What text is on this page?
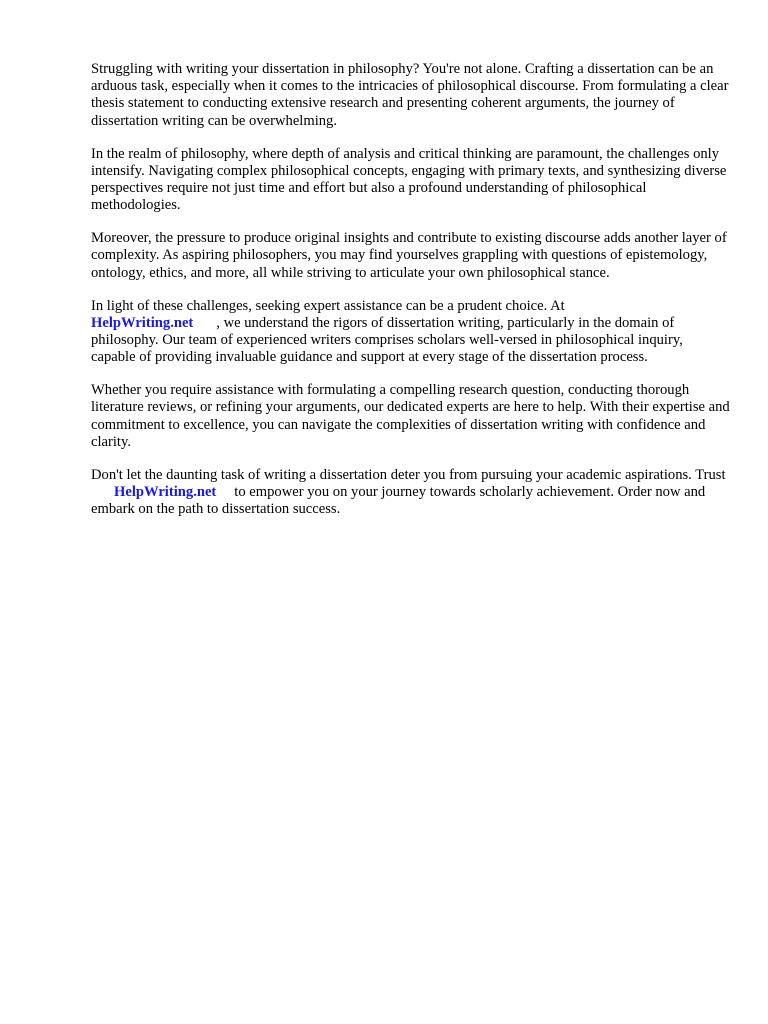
Struggling with writing your dissertation in philosophy? You're not alone. Crafting a dissertation can be an arduous task, especially when it comes to the intricacies of philosophical discourse. From formulating a clear thesis statement to conducting extensive research and presenting coherent arguments, the journey of dissertation writing can be overwhelming.

In the realm of philosophy, where depth of analysis and critical thinking are paramount, the challenges only intensify. Navigating complex philosophical concepts, engaging with primary texts, and synthesizing diverse perspectives require not just time and effort but also a profound understanding of philosophical methodologies.

Moreover, the pressure to produce original insights and contribute to existing discourse adds another layer of complexity. As aspiring philosophers, you may find yourselves grappling with questions of epistemology, ontology, ethics, and more, all while striving to articulate your own philosophical stance.

In light of these challenges, seeking expert assistance can be a prudent choice. At
HelpWriting.net , we understand the rigors of dissertation writing, particularly in the domain of philosophy. Our team of experienced writers comprises scholars well-versed in philosophical inquiry, capable of providing invaluable guidance and support at every stage of the dissertation process.

Whether you require assistance with formulating a compelling research question, conducting thorough literature reviews, or refining your arguments, our dedicated experts are here to help. With their expertise and commitment to excellence, you can navigate the complexities of dissertation writing with confidence and clarity.

Don't let the daunting task of writing a dissertation deter you from pursuing your academic aspirations. TrustHelpWriting.net to empower you on your journey towards scholarly achievement. Order now and embark on the path to dissertation success.
